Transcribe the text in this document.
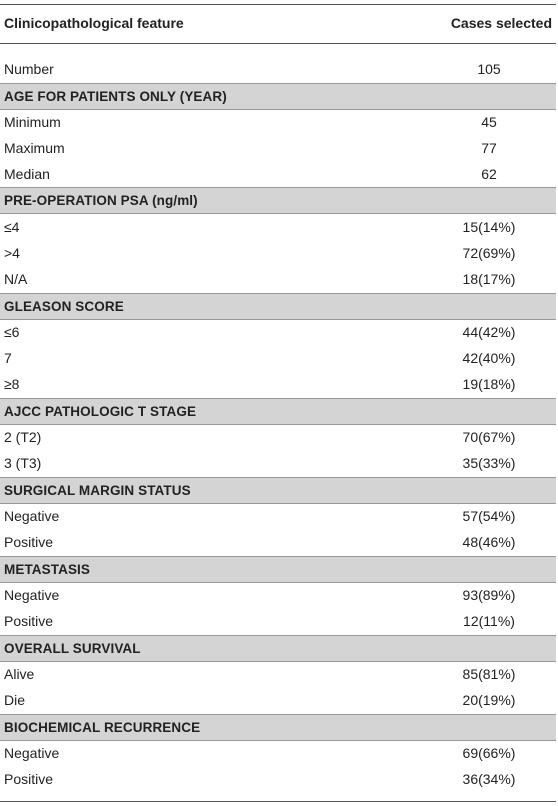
Clinicopathological feature	Cases selected
Number	105
AGE FOR PATIENTS ONLY (YEAR)
Minimum	45
Maximum	77
Median	62
PRE-OPERATION PSA (ng/ml)
≤4	15(14%)
>4	72(69%)
N/A	18(17%)
GLEASON SCORE
≤6	44(42%)
7	42(40%)
≥8	19(18%)
AJCC PATHOLOGIC T STAGE
2 (T2)	70(67%)
3 (T3)	35(33%)
SURGICAL MARGIN STATUS
Negative	57(54%)
Positive	48(46%)
METASTASIS
Negative	93(89%)
Positive	12(11%)
OVERALL SURVIVAL
Alive	85(81%)
Die	20(19%)
BIOCHEMICAL RECURRENCE
Negative	69(66%)
Positive	36(34%)
